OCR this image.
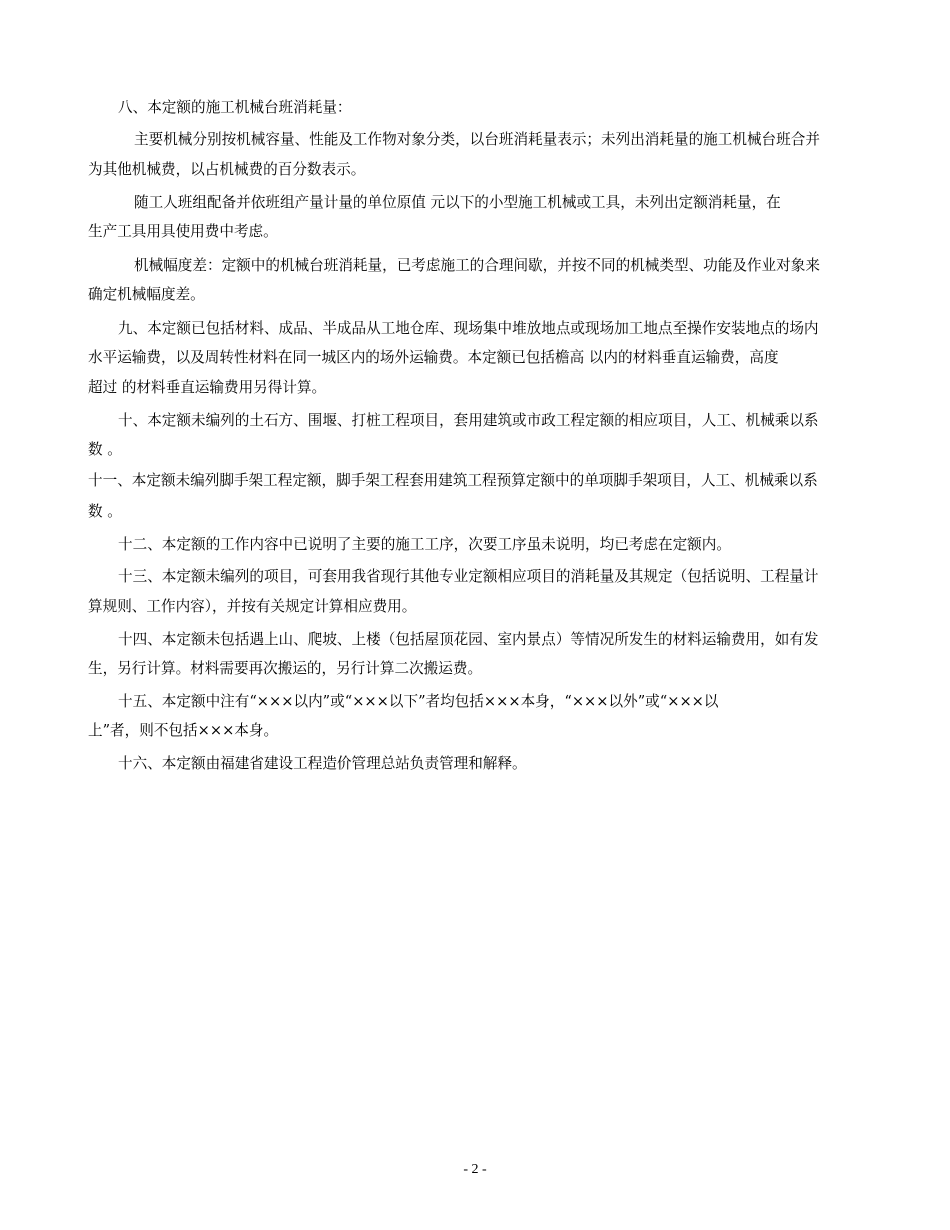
八、本定额的施工机械台班消耗量：
主要机械分别按机械容量、性能及工作物对象分类，以台班消耗量表示；未列出消耗量的施工机械台班合并
为其他机械费，以占机械费的百分数表示。
随工人班组配备并依班组产量计量的单位原值 元以下的小型施工机械或工具，未列出定额消耗量，在
生产工具用具使用费中考虑。
机械幅度差：定额中的机械台班消耗量，已考虑施工的合理间歇，并按不同的机械类型、功能及作业对象来
确定机械幅度差。
九、本定额已包括材料、成品、半成品从工地仓库、现场集中堆放地点或现场加工地点至操作安装地点的场内
水平运输费，以及周转性材料在同一城区内的场外运输费。本定额已包括檐高 以内的材料垂直运输费，高度
超过 的材料垂直运输费用另得计算。
十、本定额未编列的土石方、围堰、打桩工程项目，套用建筑或市政工程定额的相应项目，人工、机械乘以系
数 。
十一、本定额未编列脚手架工程定额，脚手架工程套用建筑工程预算定额中的单项脚手架项目，人工、机械乘以系
数 。
十二、本定额的工作内容中已说明了主要的施工工序，次要工序虽未说明，均已考虑在定额内。
十三、本定额未编列的项目，可套用我省现行其他专业定额相应项目的消耗量及其规定（包括说明、工程量计
算规则、工作内容），并按有关规定计算相应费用。
十四、本定额未包括遇上山、爬坡、上楼（包括屋顶花园、室内景点）等情况所发生的材料运输费用，如有发
生，另行计算。材料需要再次搬运的，另行计算二次搬运费。
十五、本定额中注有“×××以内”或“×××以下”者均包括×××本身，“×××以外”或“×××以
上”者，则不包括×××本身。
十六、本定额由福建省建设工程造价管理总站负责管理和解释。
- 2 -
